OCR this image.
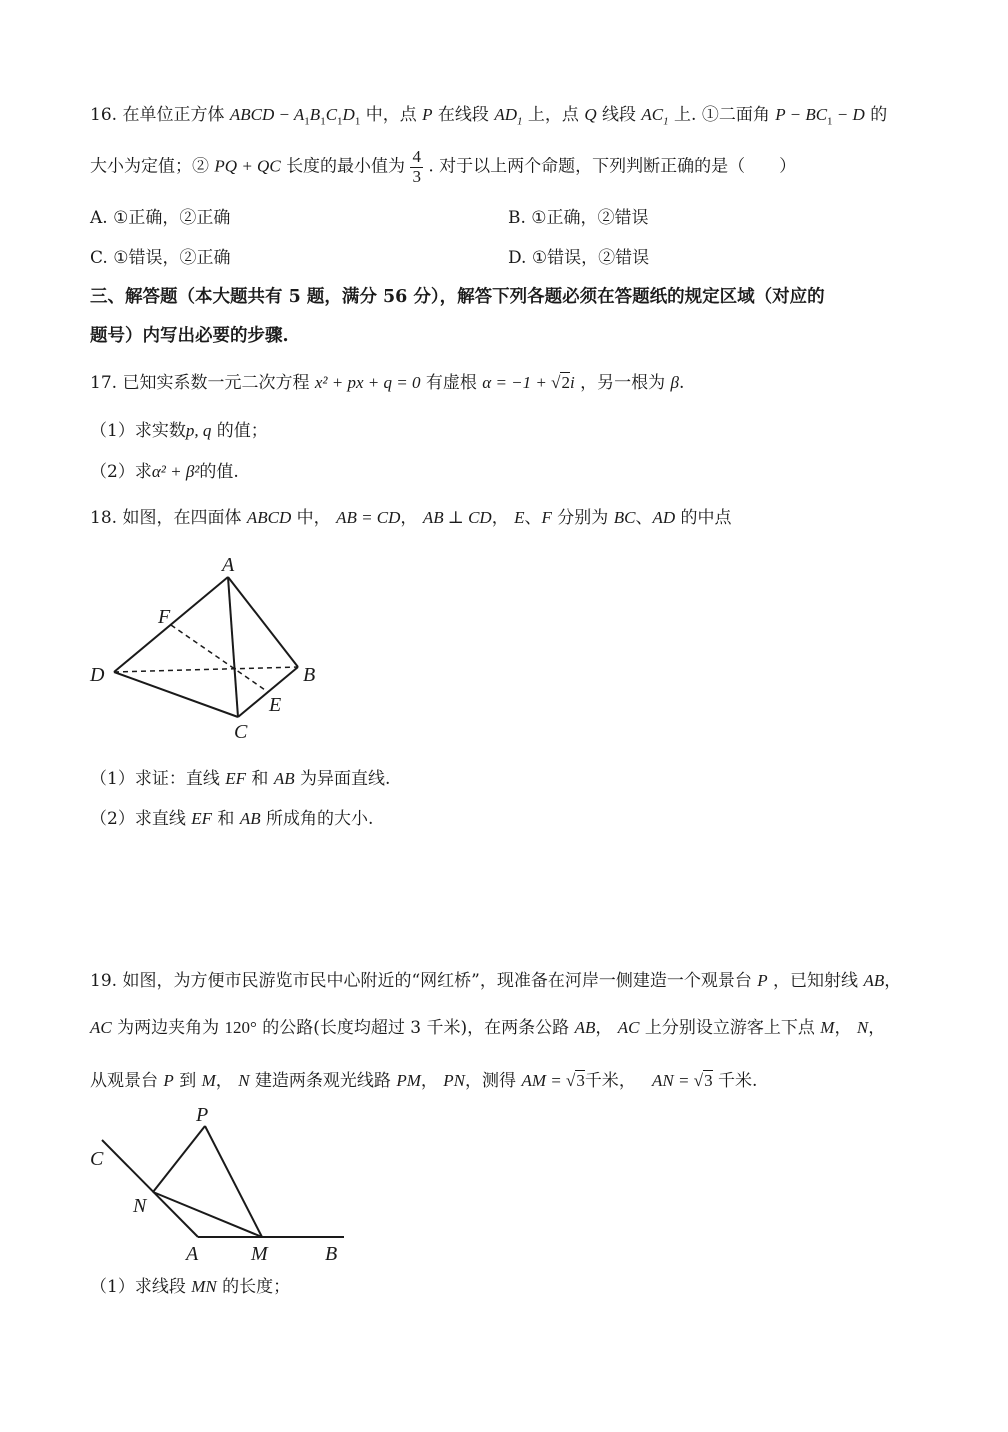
16. 在单位正方体 ABCD − $A_1B_1C_1D_1$ 中，点 P 在线段 $AD_1$ 上，点 Q 线段 $AC_1$ 上. ①二面角 $P - BC_1 - D$ 的
大小为定值；② PQ + QC 长度的最小值为 $\frac{4}{3}$ . 对于以上两个命题，下列判断正确的是（　　）
A. ①正确，②正确	B. ①正确，②错误
C. ①错误，②正确	D. ①错误，②错误
三、解答题（本大题共有 5 题，满分 56 分），解答下列各题必须在答题纸的规定区域（对应的
题号）内写出必要的步骤.
17. 已知实系数一元二次方程 x² + px + q = 0 有虚根 α = −1 + √2i ，另一根为 β.
（1）求实数p, q 的值；
（2）求α² + β²的值.
18. 如图，在四面体 ABCD 中， AB = CD， AB ⊥ CD， E、F 分别为 BC、AD 的中点
A
D	B
C
E
F
P
C
N
A	M	B
（1）求证：直线 EF 和 AB 为异面直线.
（2）求直线 EF 和 AB 所成角的大小.
19. 如图，为方便市民游览市民中心附近的“网红桥”，现准备在河岸一侧建造一个观景台 P ，已知射线 AB，
AC 为两边夹角为 120° 的公路(长度均超过 3 千米)，在两条公路 AB， AC 上分别设立游客上下点 M， N，
从观景台 P 到 M， N 建造两条观光线路 PM， PN，测得 AM = √3千米，   AN = √3 千米.
（1）求线段 MN 的长度；
